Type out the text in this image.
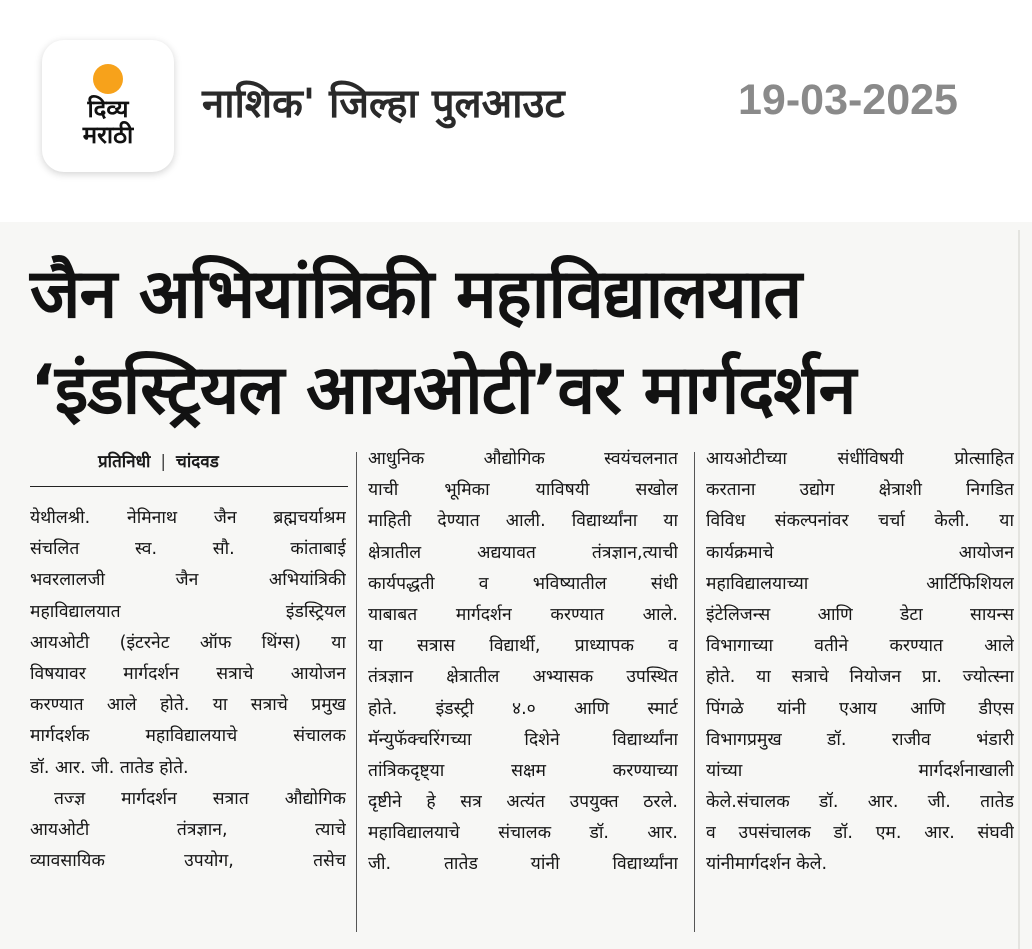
दिव्य
मराठी
नाशिक' जिल्हा पुलआउट	19-03-2025
जैन अभियांत्रिकी महाविद्यालयात
‘इंडस्ट्रियल आयओटी’वर मार्गदर्शन
प्रतिनिधी | चांदवड
येथीलश्री. नेमिनाथ जैन ब्रह्मचर्याश्रम
संचलित स्व. सौ. कांताबाई
भवरलालजी जैन अभियांत्रिकी
महाविद्यालयात इंडस्ट्रियल
आयओटी (इंटरनेट ऑफ थिंग्स) या
विषयावर मार्गदर्शन सत्राचे आयोजन
करण्यात आले होते. या सत्राचे प्रमुख
मार्गदर्शक महाविद्यालयाचे संचालक
डॉ. आर. जी. तातेड होते.
तज्ज्ञ मार्गदर्शन सत्रात औद्योगिक
आयओटी तंत्रज्ञान, त्याचे
व्यावसायिक उपयोग, तसेच
आधुनिक औद्योगिक स्वयंचलनात
याची भूमिका याविषयी सखोल
माहिती देण्यात आली. विद्यार्थ्यांना या
क्षेत्रातील अद्ययावत तंत्रज्ञान,त्याची
कार्यपद्धती व भविष्यातील संधी
याबाबत मार्गदर्शन करण्यात आले.
या सत्रास विद्यार्थी, प्राध्यापक व
तंत्रज्ञान क्षेत्रातील अभ्यासक उपस्थित
होते. इंडस्ट्री ४.० आणि स्मार्ट
मॅन्युफॅक्चरिंगच्या दिशेने विद्यार्थ्यांना
तांत्रिकदृष्ट्या सक्षम करण्याच्या
दृष्टीने हे सत्र अत्यंत उपयुक्त ठरले.
महाविद्यालयाचे संचालक डॉ. आर.
जी. तातेड यांनी विद्यार्थ्यांना
आयओटीच्या संधींविषयी प्रोत्साहित
करताना उद्योग क्षेत्राशी निगडित
विविध संकल्पनांवर चर्चा केली. या
कार्यक्रमाचे आयोजन
महाविद्यालयाच्या आर्टिफिशियल
इंटेलिजन्स आणि डेटा सायन्स
विभागाच्या वतीने करण्यात आले
होते. या सत्राचे नियोजन प्रा. ज्योत्स्ना
पिंगळे यांनी एआय आणि डीएस
विभागप्रमुख डॉ. राजीव भंडारी
यांच्या मार्गदर्शनाखाली
केले.संचालक डॉ. आर. जी. तातेड
व उपसंचालक डॉ. एम. आर. संघवी
यांनीमार्गदर्शन केले.
